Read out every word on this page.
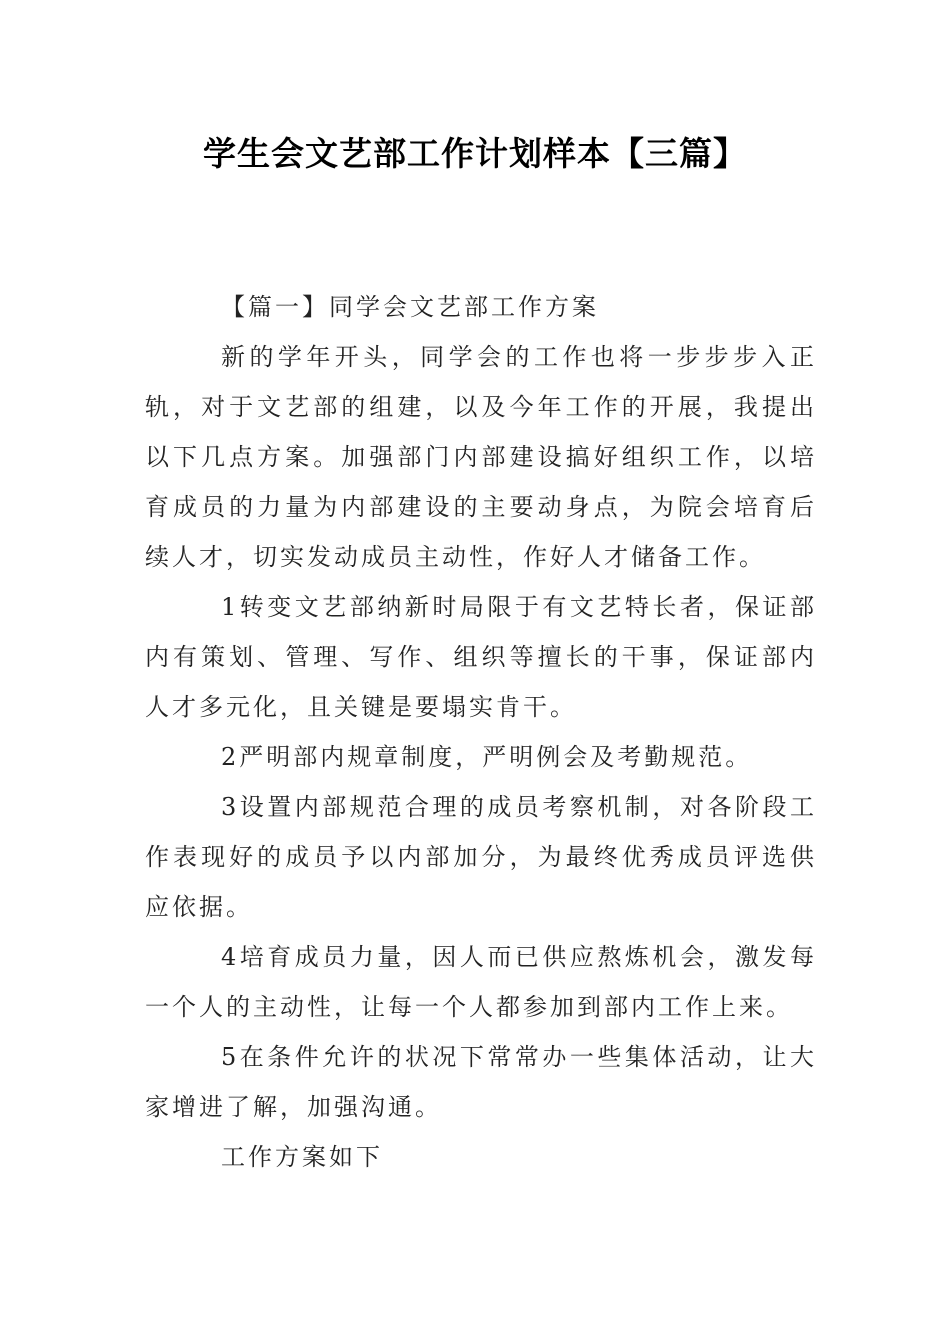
学生会文艺部工作计划样本【三篇】

【篇一】同学会文艺部工作方案

新的学年开头，同学会的工作也将一步步步入正轨，对于文艺部的组建，以及今年工作的开展，我提出以下几点方案。加强部门内部建设搞好组织工作，以培育成员的力量为内部建设的主要动身点，为院会培育后续人才，切实发动成员主动性，作好人才储备工作。

1转变文艺部纳新时局限于有文艺特长者，保证部内有策划、管理、写作、组织等擅长的干事，保证部内人才多元化，且关键是要塌实肯干。

2严明部内规章制度，严明例会及考勤规范。

3设置内部规范合理的成员考察机制，对各阶段工作表现好的成员予以内部加分，为最终优秀成员评选供应依据。

4培育成员力量，因人而已供应熬炼机会，激发每一个人的主动性，让每一个人都参加到部内工作上来。

5在条件允许的状况下常常办一些集体活动，让大家增进了解，加强沟通。

工作方案如下
